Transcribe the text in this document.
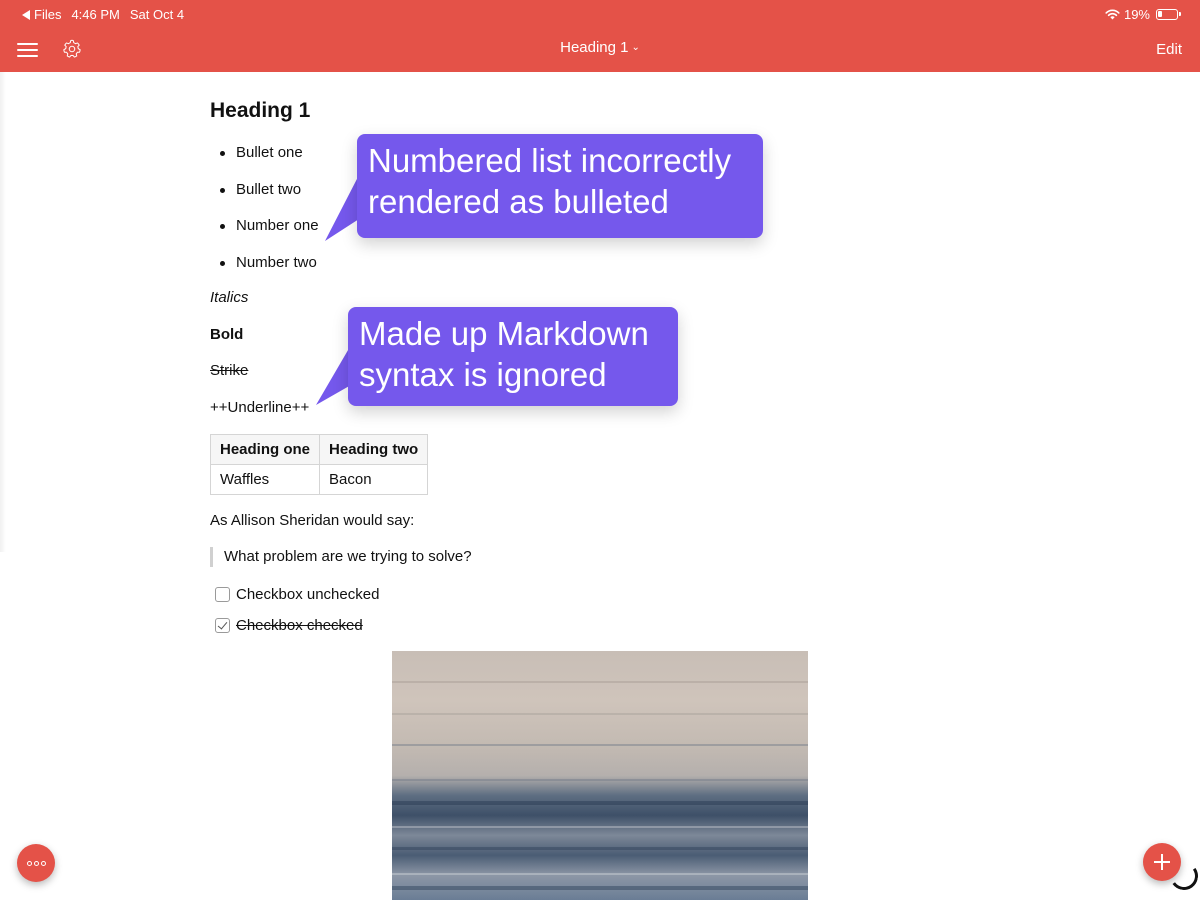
Files 4:46 PM Sat Oct 4	19%
Heading 1 ⌄	Edit
Heading 1
Bullet one
Bullet two
Number one
Number two
Italics
Bold
Strike
++Underline++
Heading one	Heading two
Waffles	Bacon
As Allison Sheridan would say:
What problem are we trying to solve?
Checkbox unchecked
Checkbox checked
Numbered list incorrectly
rendered as bulleted
Made up Markdown
syntax is ignored
